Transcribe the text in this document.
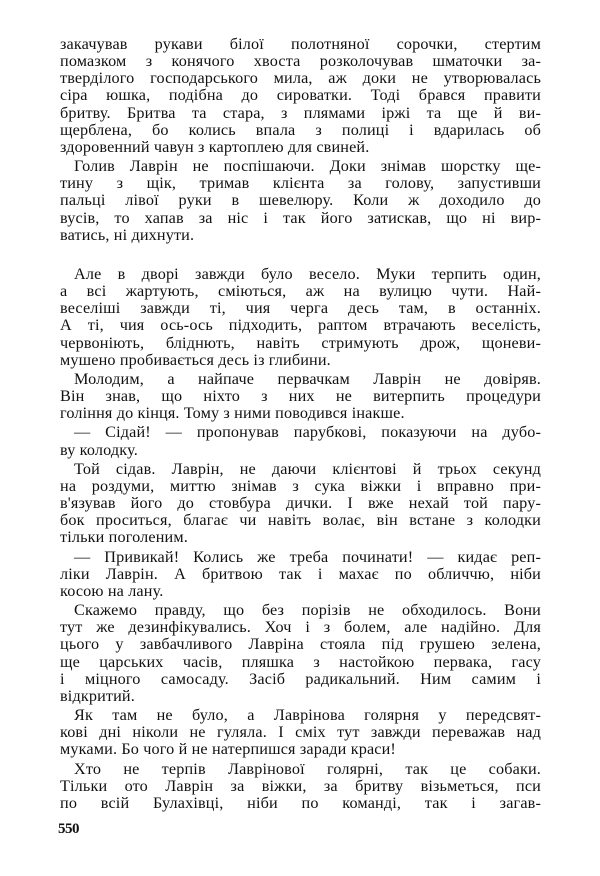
закачував рукави білої полотняної сорочки, стертим
помазком з конячого хвоста розколочував шматочки за-
тверділого господарського мила, аж доки не утворювалась
сіра юшка, подібна до сироватки. Тоді брався правити
бритву. Бритва та стара, з плямами іржі та ще й ви-
щерблена, бо колись впала з полиці і вдарилась об
здоровенний чавун з картоплею для свиней.
Голив Лаврін не поспішаючи. Доки знімав шорстку ще-
тину з щік, тримав клієнта за голову, запустивши
пальці лівої руки в шевелюру. Коли ж доходило до
вусів, то хапав за ніс і так його затискав, що ні вир-
ватись, ні дихнути.
Але в дворі завжди було весело. Муки терпить один,
а всі жартують, сміються, аж на вулицю чути. Най-
веселіші завжди ті, чия черга десь там, в останніх.
А ті, чия ось-ось підходить, раптом втрачають веселість,
червоніють, бліднють, навіть стримують дрож, щоневи-
мушено пробивається десь із глибини.
Молодим, а найпаче первачкам Лаврін не довіряв.
Він знав, що ніхто з них не витерпить процедури
гоління до кінця. Тому з ними поводився інакше.
— Сідай! — пропонував парубкові, показуючи на дубо-
ву колодку.
Той сідав. Лаврін, не даючи клієнтові й трьох секунд
на роздуми, миттю знімав з сука віжки і вправно при-
в'язував його до стовбура дички. І вже нехай той пару-
бок проситься, благає чи навіть волає, він встане з колодки
тільки поголеним.
— Привикай! Колись же треба починати! — кидає реп-
ліки Лаврін. А бритвою так і махає по обличчю, ніби
косою на лану.
Скажемо правду, що без порізів не обходилось. Вони
тут же дезинфікувались. Хоч і з болем, але надійно. Для
цього у завбачливого Лавріна стояла під грушею зелена,
ще царських часів, пляшка з настойкою первака, гасу
і міцного самосаду. Засіб радикальний. Ним самим і
відкритий.
Як там не було, а Лаврінова голярня у передсвят-
кові дні ніколи не гуляла. І сміх тут завжди переважав над
муками. Бо чого й не натерпишся заради краси!
Хто не терпів Лаврінової голярні, так це собаки.
Тільки ото Лаврін за віжки, за бритву візьметься, пси
по всій Булахівці, ніби по команді, так і загав-
550
